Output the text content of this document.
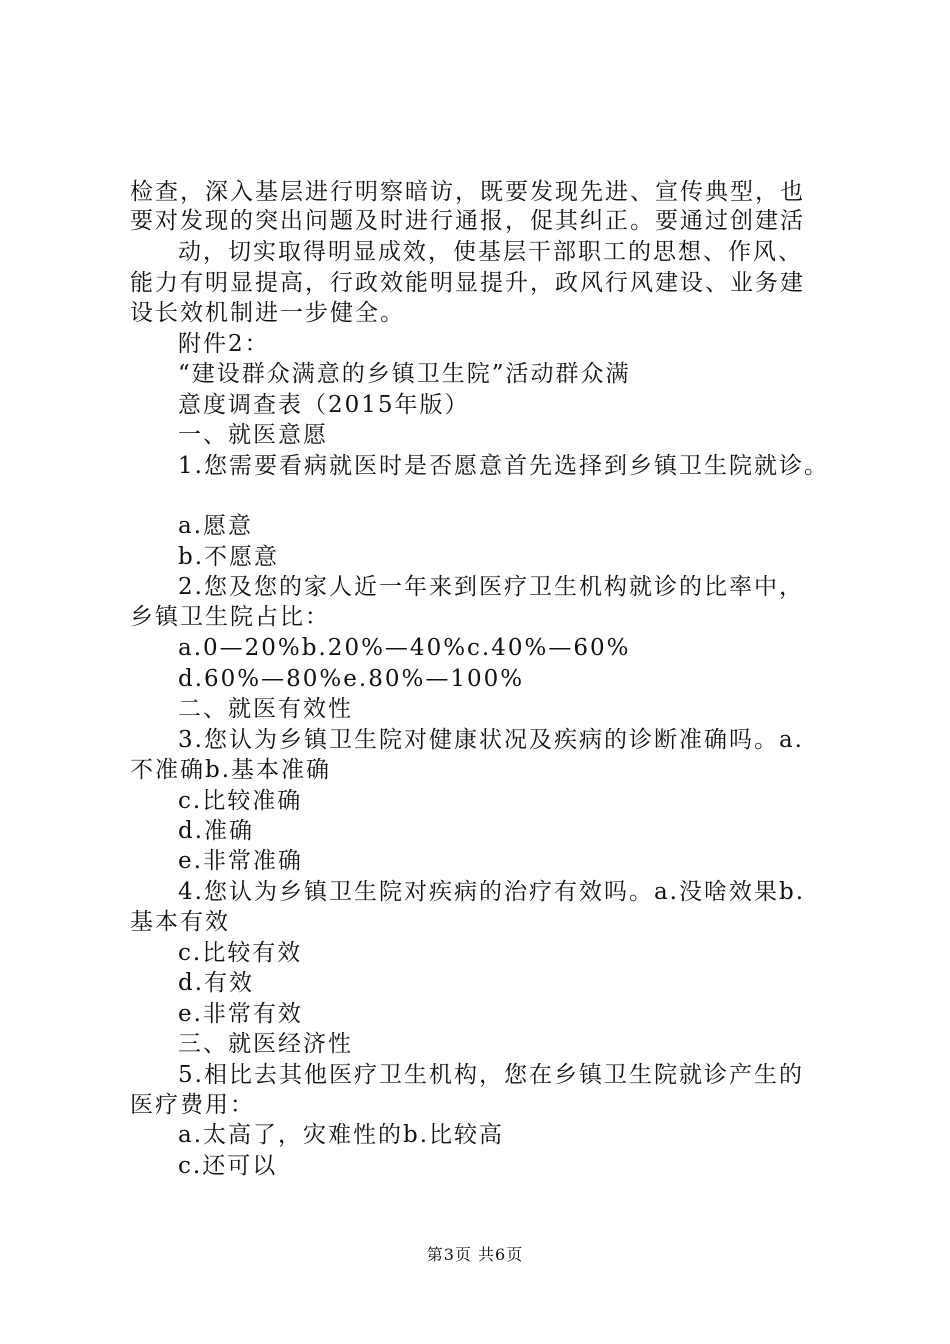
检查，深入基层进行明察暗访，既要发现先进、宣传典型，也
要对发现的突出问题及时进行通报，促其纠正。要通过创建活
动，切实取得明显成效，使基层干部职工的思想、作风、
能力有明显提高，行政效能明显提升，政风行风建设、业务建
设长效机制进一步健全。
附件2：
“建设群众满意的乡镇卫生院”活动群众满
意度调查表（2015年版）
一、就医意愿
1.您需要看病就医时是否愿意首先选择到乡镇卫生院就诊。
a.愿意
b.不愿意
2.您及您的家人近一年来到医疗卫生机构就诊的比率中，
乡镇卫生院占比：
a.0—20%b.20%—40%c.40%—60%
d.60%—80%e.80%—100%
二、就医有效性
3.您认为乡镇卫生院对健康状况及疾病的诊断准确吗。a.
不准确b.基本准确
c.比较准确
d.准确
e.非常准确
4.您认为乡镇卫生院对疾病的治疗有效吗。a.没啥效果b.
基本有效
c.比较有效
d.有效
e.非常有效
三、就医经济性
5.相比去其他医疗卫生机构，您在乡镇卫生院就诊产生的
医疗费用：
a.太高了，灾难性的b.比较高
c.还可以
第3页 共6页
